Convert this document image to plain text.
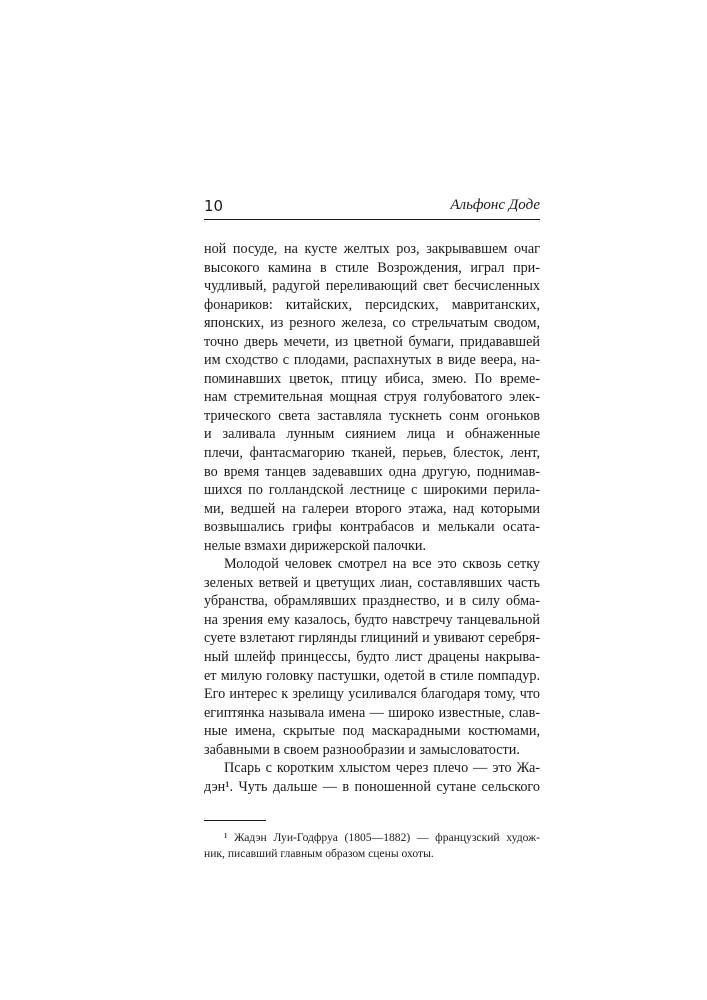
10	Альфонс Доде
ной посуде, на кусте желтых роз, закрывавшем очаг
высокого камина в стиле Возрождения, играл при-
чудливый, радугой переливающий свет бесчисленных
фонариков: китайских, персидских, мавританских,
японских, из резного железа, со стрельчатым сводом,
точно дверь мечети, из цветной бумаги, придававшей
им сходство с плодами, распахнутых в виде веера, на-
поминавших цветок, птицу ибиса, змею. По време-
нам стремительная мощная струя голубоватого элек-
трического света заставляла тускнеть сонм огоньков
и заливала лунным сиянием лица и обнаженные
плечи, фантасмагорию тканей, перьев, блесток, лент,
во время танцев задевавших одна другую, поднимав-
шихся по голландской лестнице с широкими перила-
ми, ведшей на галереи второго этажа, над которыми
возвышались грифы контрабасов и мелькали осата-
нелые взмахи дирижерской палочки.
Молодой человек смотрел на все это сквозь сетку
зеленых ветвей и цветущих лиан, составлявших часть
убранства, обрамлявших празднество, и в силу обма-
на зрения ему казалось, будто навстречу танцевальной
суете взлетают гирлянды глициний и увивают серебря-
ный шлейф принцессы, будто лист драцены накрыва-
ет милую головку пастушки, одетой в стиле помпадур.
Его интерес к зрелищу усиливался благодаря тому, что
египтянка называла имена — широко известные, слав-
ные имена, скрытые под маскарадными костюмами,
забавными в своем разнообразии и замысловатости.
Псарь с коротким хлыстом через плечо — это Жа-
дэн¹. Чуть дальше — в поношенной сутане сельского
¹ Жадэн Луи-Годфруа (1805—1882) — французский худож-
ник, писавший главным образом сцены охоты.
